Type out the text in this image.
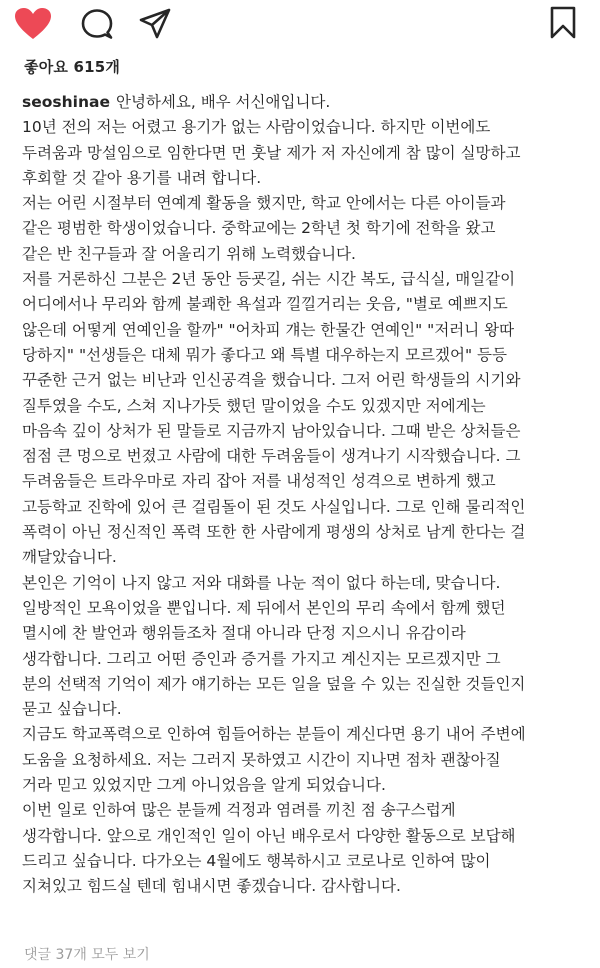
좋아요 615개
seoshinae 안녕하세요, 배우 서신애입니다.
10년 전의 저는 어렸고 용기가 없는 사람이었습니다. 하지만 이번에도
두려움과 망설임으로 임한다면 먼 훗날 제가 저 자신에게 참 많이 실망하고
후회할 것 같아 용기를 내려 합니다.
저는 어린 시절부터 연예계 활동을 했지만, 학교 안에서는 다른 아이들과
같은 평범한 학생이었습니다. 중학교에는 2학년 첫 학기에 전학을 왔고
같은 반 친구들과 잘 어울리기 위해 노력했습니다.
저를 거론하신 그분은 2년 동안 등굣길, 쉬는 시간 복도, 급식실, 매일같이
어디에서나 무리와 함께 불쾌한 욕설과 낄낄거리는 웃음, "별로 예쁘지도
않은데 어떻게 연예인을 할까" "어차피 걔는 한물간 연예인" "저러니 왕따
당하지" "선생들은 대체 뭐가 좋다고 왜 특별 대우하는지 모르겠어" 등등
꾸준한 근거 없는 비난과 인신공격을 했습니다. 그저 어린 학생들의 시기와
질투였을 수도, 스쳐 지나가듯 했던 말이었을 수도 있겠지만 저에게는
마음속 깊이 상처가 된 말들로 지금까지 남아있습니다. 그때 받은 상처들은
점점 큰 멍으로 번졌고 사람에 대한 두려움들이 생겨나기 시작했습니다. 그
두려움들은 트라우마로 자리 잡아 저를 내성적인 성격으로 변하게 했고
고등학교 진학에 있어 큰 걸림돌이 된 것도 사실입니다. 그로 인해 물리적인
폭력이 아닌 정신적인 폭력 또한 한 사람에게 평생의 상처로 남게 한다는 걸
깨달았습니다.
본인은 기억이 나지 않고 저와 대화를 나눈 적이 없다 하는데, 맞습니다.
일방적인 모욕이었을 뿐입니다. 제 뒤에서 본인의 무리 속에서 함께 했던
멸시에 찬 발언과 행위들조차 절대 아니라 단정 지으시니 유감이라
생각합니다. 그리고 어떤 증인과 증거를 가지고 계신지는 모르겠지만 그
분의 선택적 기억이 제가 얘기하는 모든 일을 덮을 수 있는 진실한 것들인지
묻고 싶습니다.
지금도 학교폭력으로 인하여 힘들어하는 분들이 계신다면 용기 내어 주변에
도움을 요청하세요. 저는 그러지 못하였고 시간이 지나면 점차 괜찮아질
거라 믿고 있었지만 그게 아니었음을 알게 되었습니다.
이번 일로 인하여 많은 분들께 걱정과 염려를 끼친 점 송구스럽게
생각합니다. 앞으로 개인적인 일이 아닌 배우로서 다양한 활동으로 보답해
드리고 싶습니다. 다가오는 4월에도 행복하시고 코로나로 인하여 많이
지쳐있고 힘드실 텐데 힘내시면 좋겠습니다. 감사합니다.
댓글 37개 모두 보기
